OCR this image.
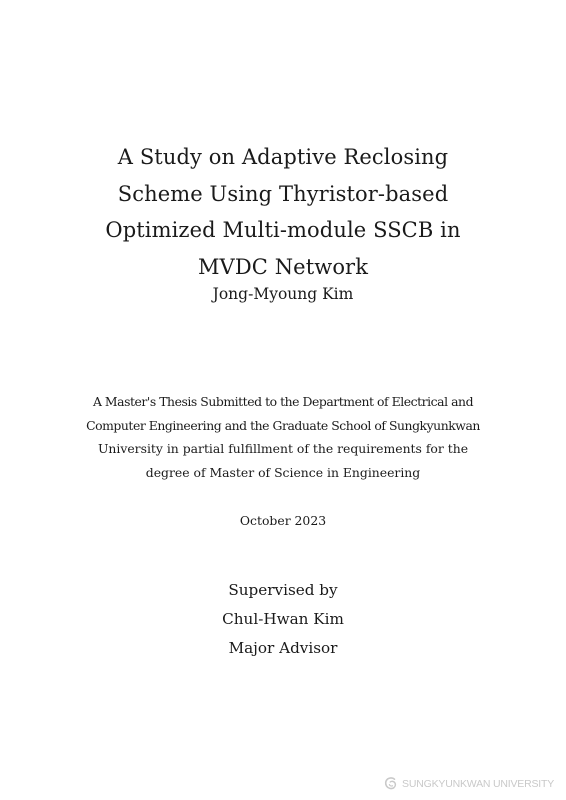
A Study on Adaptive Reclosing
Scheme Using Thyristor-based
Optimized Multi-module SSCB in
MVDC Network
Jong-Myoung Kim
A Master's Thesis Submitted to the Department of Electrical and
Computer Engineering and the Graduate School of Sungkyunkwan
University in partial fulfillment of the requirements for the
degree of Master of Science in Engineering
October 2023
Supervised by
Chul-Hwan Kim
Major Advisor
SUNGKYUNKWAN UNIVERSITY
